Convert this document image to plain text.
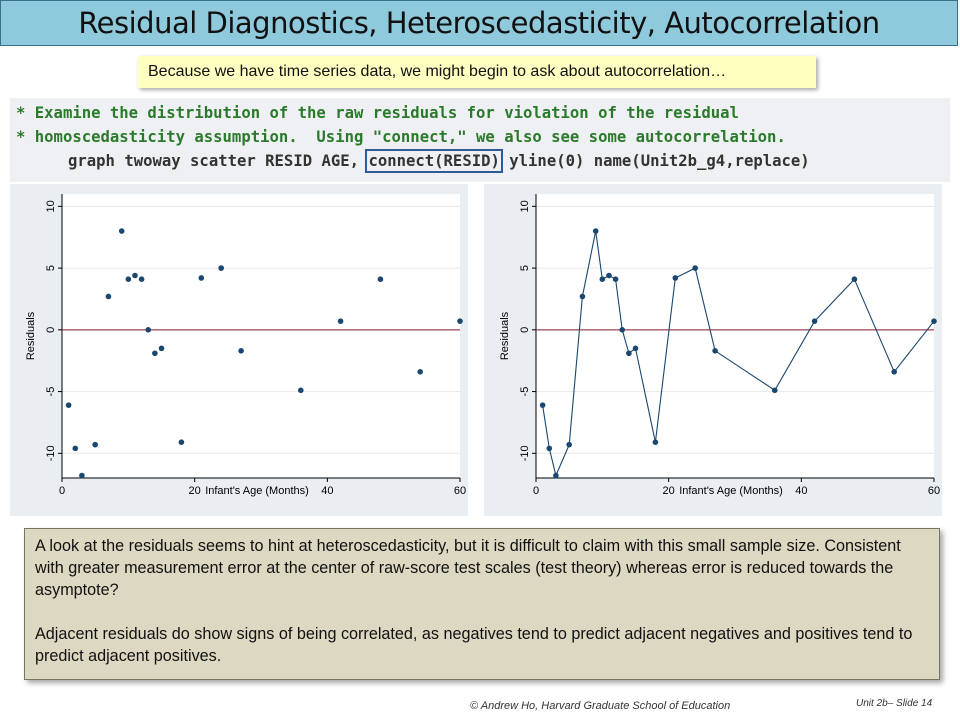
Residual Diagnostics, Heteroscedasticity, Autocorrelation
Because we have time series data, we might begin to ask about autocorrelation…
* Examine the distribution of the raw residuals for violation of the residual
* homoscedasticity assumption.  Using "connect," we also see some autocorrelation.
graph twoway scatter RESID AGE, connect(RESID) yline(0) name(Unit2b_g4,replace)
-10
-5
0
5
10
0	20	40	60
Infant's Age (Months)
Residuals
-10
-5
0
5
10
0	20	40	60
Infant's Age (Months)
Residuals

A look at the residuals seems to hint at heteroscedasticity, but it is difficult to claim with this small sample size. Consistent with greater measurement error at the center of raw-score test scales (test theory) whereas error is reduced towards the asymptote?

Adjacent residuals do show signs of being correlated, as negatives tend to predict adjacent negatives and positives tend to predict adjacent positives.

© Andrew Ho, Harvard Graduate School of Education	Unit 2b– Slide 14
